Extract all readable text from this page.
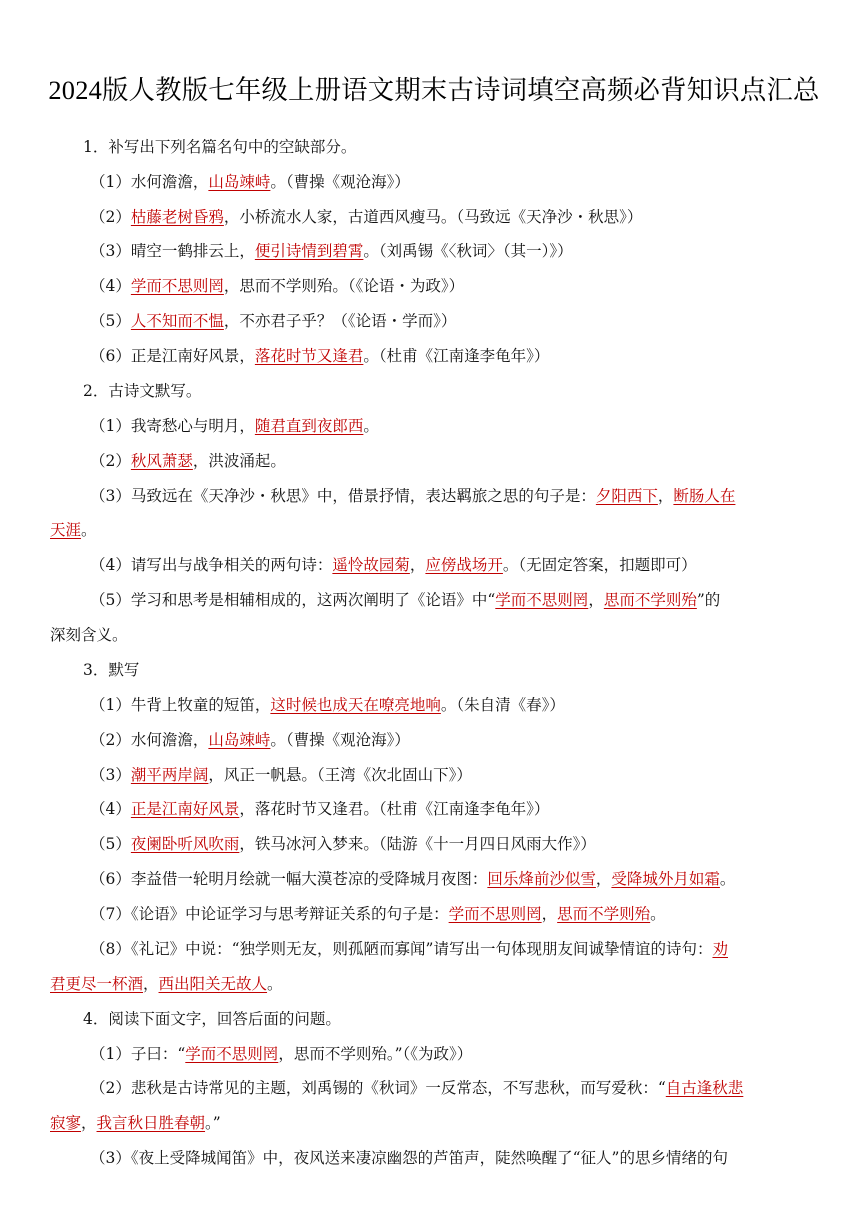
2024版人教版七年级上册语文期末古诗词填空高频必背知识点汇总
1．补写出下列名篇名句中的空缺部分。
（1）水何澹澹，山岛竦峙。（曹操《观沧海》）
（2）枯藤老树昏鸦，小桥流水人家，古道西风瘦马。（马致远《天净沙・秋思》）
（3）晴空一鹤排云上，便引诗情到碧霄。（刘禹锡《〈秋词〉（其一）》）
（4）学而不思则罔，思而不学则殆。（《论语・为政》）
（5）人不知而不愠，不亦君子乎？（《论语・学而》）
（6）正是江南好风景，落花时节又逢君。（杜甫《江南逢李龟年》）
2．古诗文默写。
（1）我寄愁心与明月，随君直到夜郎西。
（2）秋风萧瑟，洪波涌起。
（3）马致远在《天净沙・秋思》中，借景抒情，表达羁旅之思的句子是：夕阳西下，断肠人在
天涯。
（4）请写出与战争相关的两句诗：遥怜故园菊，应傍战场开。（无固定答案，扣题即可）
（5）学习和思考是相辅相成的，这两次阐明了《论语》中“学而不思则罔，思而不学则殆”的
深刻含义。
3．默写
（1）牛背上牧童的短笛，这时候也成天在嘹亮地响。（朱自清《春》）
（2）水何澹澹，山岛竦峙。（曹操《观沧海》）
（3）潮平两岸阔，风正一帆悬。（王湾《次北固山下》）
（4）正是江南好风景，落花时节又逢君。（杜甫《江南逢李龟年》）
（5）夜阑卧听风吹雨，铁马冰河入梦来。（陆游《十一月四日风雨大作》）
（6）李益借一轮明月绘就一幅大漠苍凉的受降城月夜图：回乐烽前沙似雪，受降城外月如霜。
（7）《论语》中论证学习与思考辩证关系的句子是：学而不思则罔，思而不学则殆。
（8）《礼记》中说：“独学则无友，则孤陋而寡闻”请写出一句体现朋友间诚挚情谊的诗句：劝
君更尽一杯酒，西出阳关无故人。
4．阅读下面文字，回答后面的问题。
（1）子曰：“学而不思则罔，思而不学则殆。”（《为政》）
（2）悲秋是古诗常见的主题，刘禹锡的《秋词》一反常态，不写悲秋，而写爱秋：“自古逢秋悲
寂寥，我言秋日胜春朝。”
（3）《夜上受降城闻笛》中，夜风送来凄凉幽怨的芦笛声，陡然唤醒了“征人”的思乡情绪的句
